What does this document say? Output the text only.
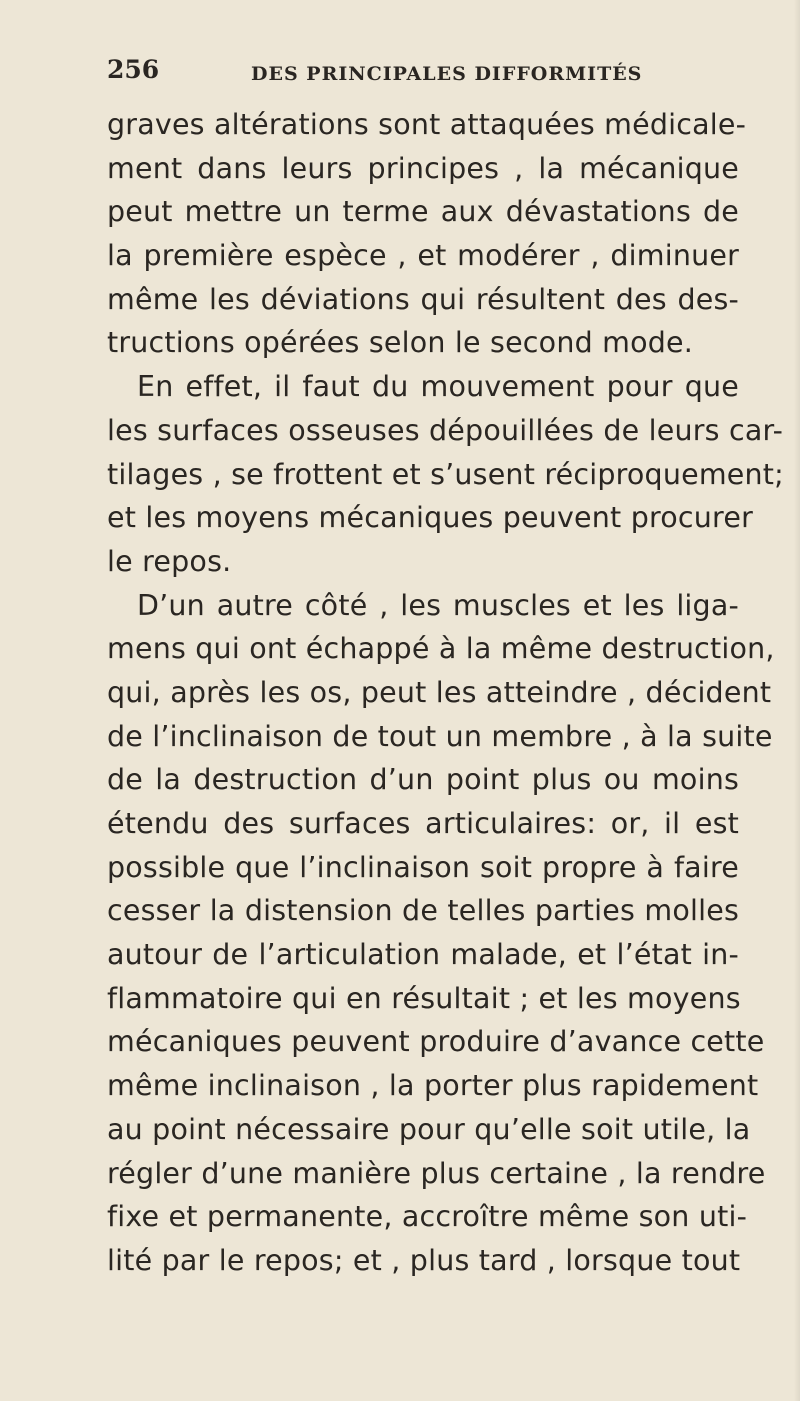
256	DES PRINCIPALES DIFFORMITÉS
graves altérations sont attaquées médicale-
ment dans leurs principes , la mécanique
peut mettre un terme aux dévastations de
la première espèce , et modérer , diminuer
même les déviations qui résultent des des-
tructions opérées selon le second mode.
En effet, il faut du mouvement pour que
les surfaces osseuses dépouillées de leurs car-
tilages , se frottent et s’usent réciproquement;
et les moyens mécaniques peuvent procurer
le repos.
D’un autre côté , les muscles et les liga-
mens qui ont échappé à la même destruction,
qui, après les os, peut les atteindre , décident
de l’inclinaison de tout un membre , à la suite
de la destruction d’un point plus ou moins
étendu des surfaces articulaires: or, il est
possible que l’inclinaison soit propre à faire
cesser la distension de telles parties molles
autour de l’articulation malade, et l’état in-
flammatoire qui en résultait ; et les moyens
mécaniques peuvent produire d’avance cette
même inclinaison , la porter plus rapidement
au point nécessaire pour qu’elle soit utile, la
régler d’une manière plus certaine , la rendre
fixe et permanente, accroître même son uti-
lité par le repos; et , plus tard , lorsque tout
